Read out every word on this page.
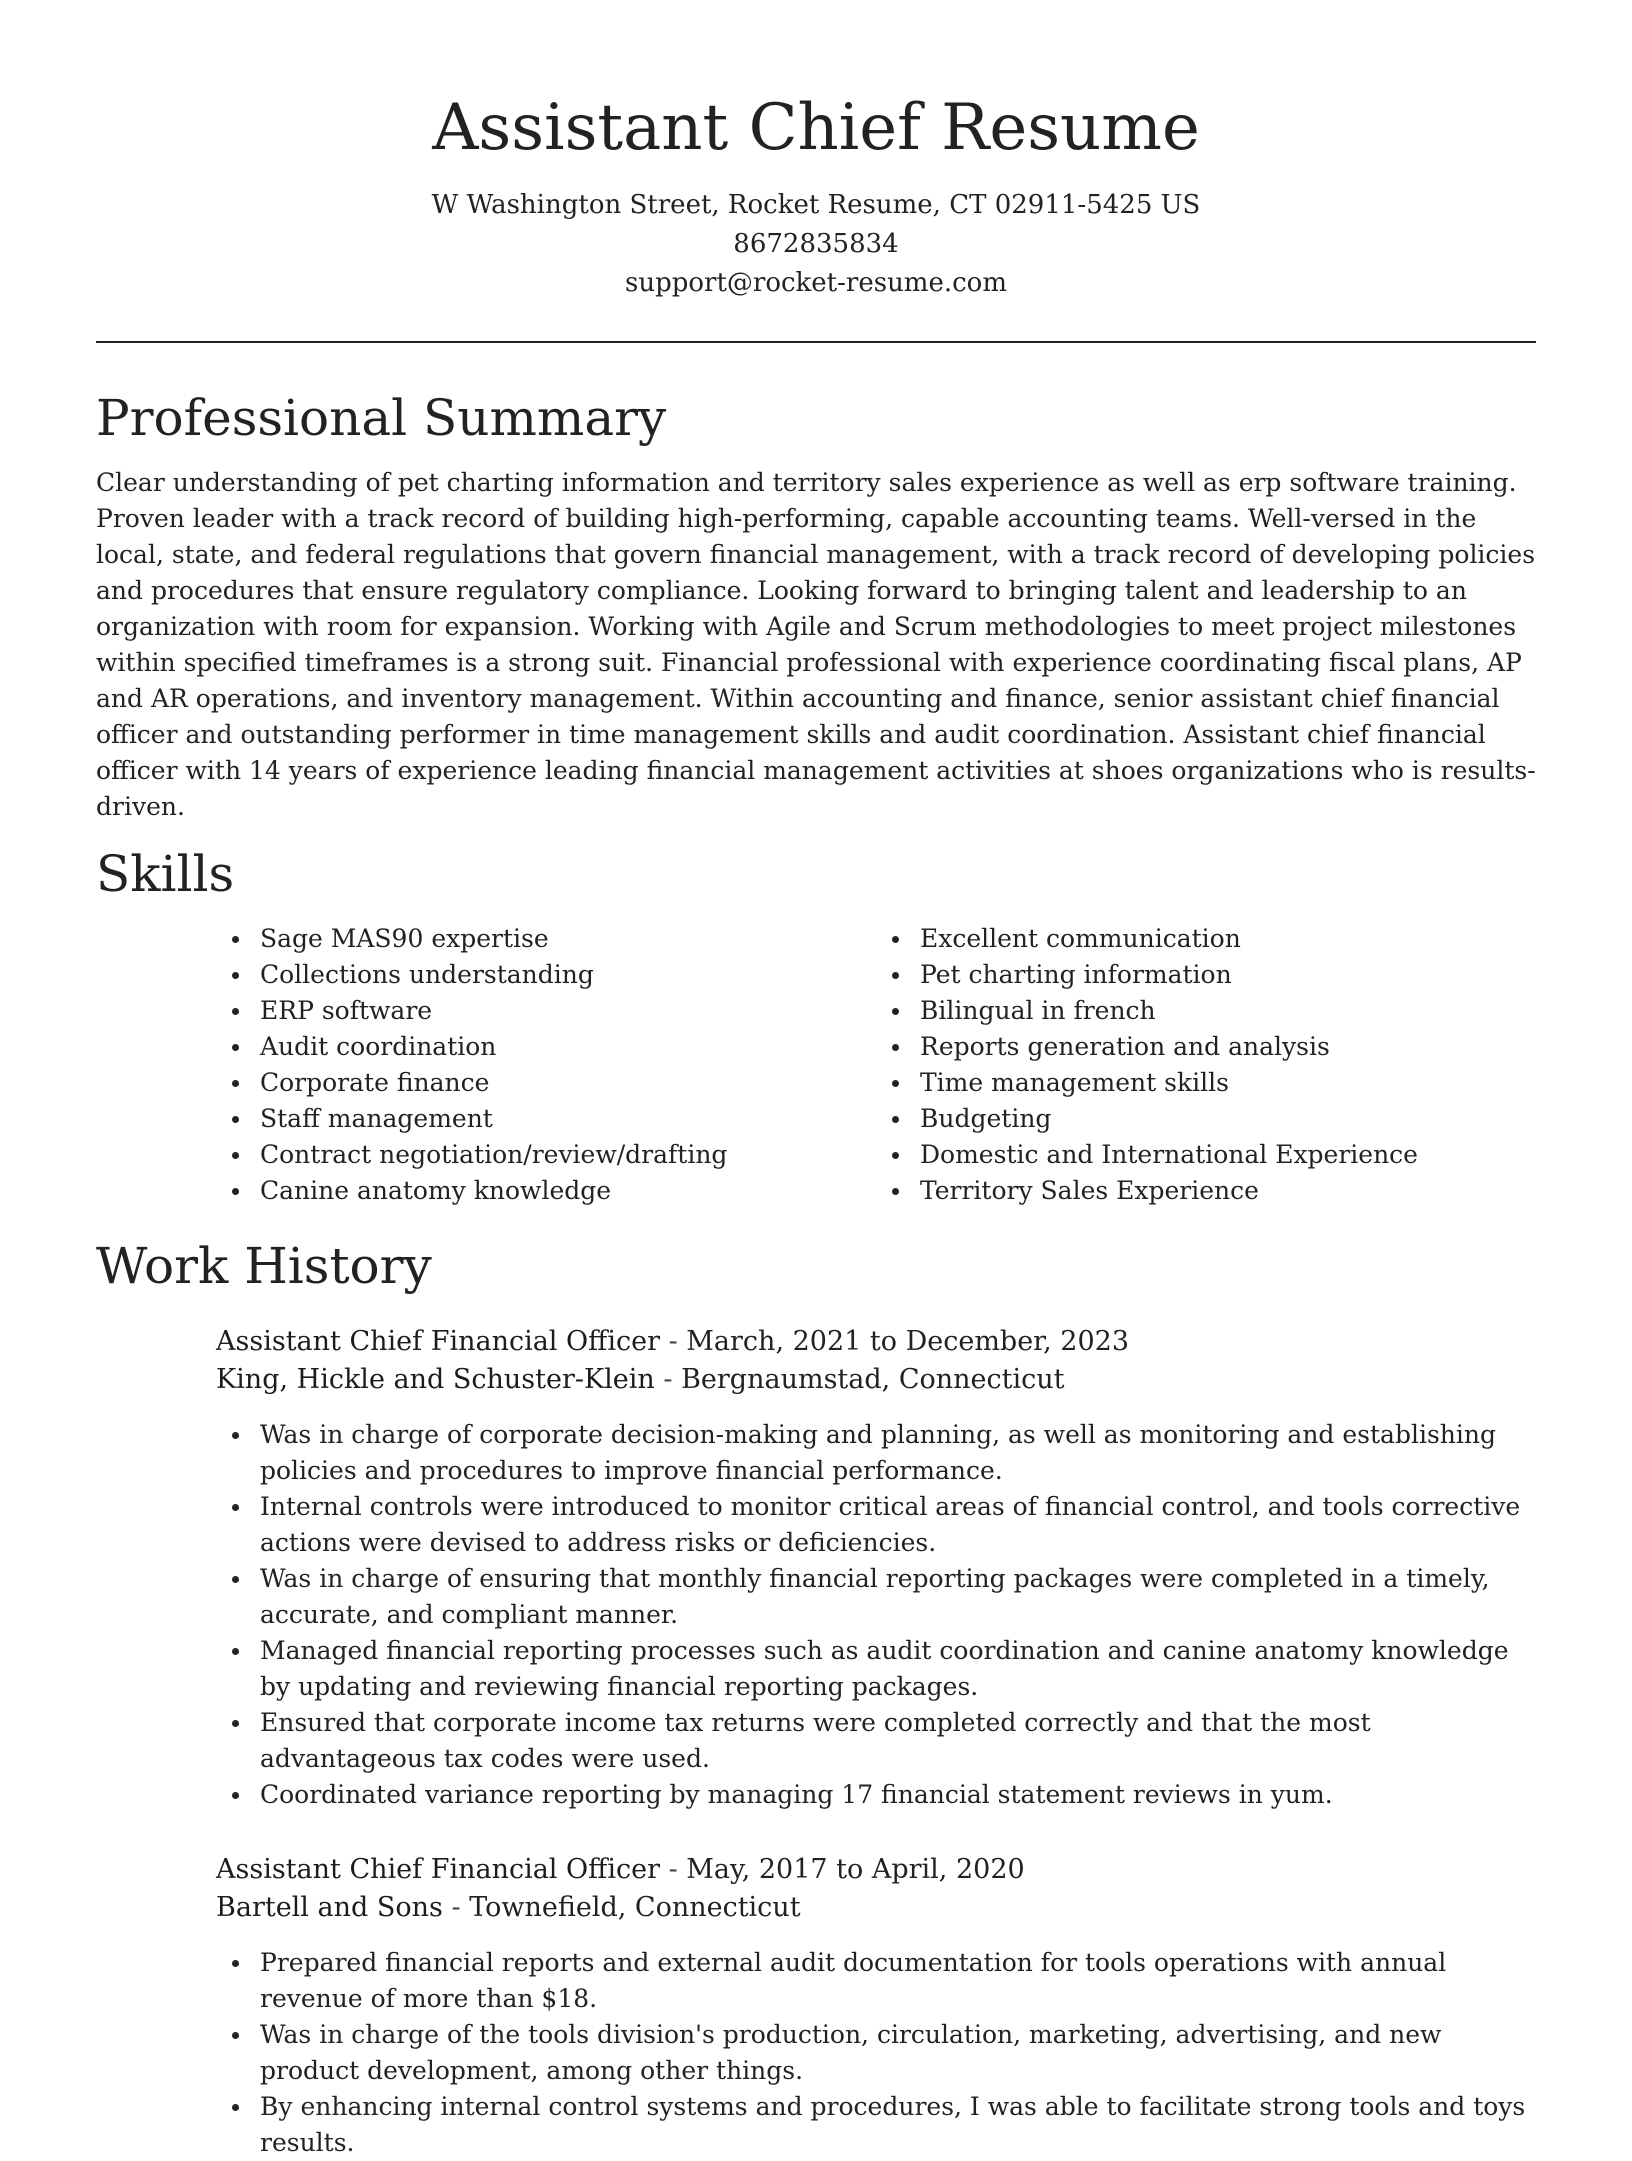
Assistant Chief Resume

W Washington Street, Rocket Resume, CT 02911-5425 US

8672835834

support@rocket-resume.com

Professional Summary

Clear understanding of pet charting information and territory sales experience as well as erp software training. Proven leader with a track record of building high-performing, capable accounting teams. Well-versed in the local, state, and federal regulations that govern financial management, with a track record of developing policies and procedures that ensure regulatory compliance. Looking forward to bringing talent and leadership to an organization with room for expansion. Working with Agile and Scrum methodologies to meet project milestones within specified timeframes is a strong suit. Financial professional with experience coordinating fiscal plans, AP and AR operations, and inventory management. Within accounting and finance, senior assistant chief financial officer and outstanding performer in time management skills and audit coordination. Assistant chief financial officer with 14 years of experience leading financial management activities at shoes organizations who is results-driven.

Skills
Sage MAS90 expertise
Collections understanding
ERP software
Audit coordination
Corporate finance
Staff management
Contract negotiation/review/drafting
Canine anatomy knowledge
Excellent communication
Pet charting information
Bilingual in french
Reports generation and analysis
Time management skills
Budgeting
Domestic and International Experience
Territory Sales Experience
Work History

Assistant Chief Financial Officer - March, 2021 to December, 2023

King, Hickle and Schuster-Klein - Bergnaumstad, Connecticut

Was in charge of corporate decision-making and planning, as well as monitoring and establishing policies and procedures to improve financial performance.
Internal controls were introduced to monitor critical areas of financial control, and tools corrective actions were devised to address risks or deficiencies.
Was in charge of ensuring that monthly financial reporting packages were completed in a timely, accurate, and compliant manner.
Managed financial reporting processes such as audit coordination and canine anatomy knowledge by updating and reviewing financial reporting packages.
Ensured that corporate income tax returns were completed correctly and that the most advantageous tax codes were used.
Coordinated variance reporting by managing 17 financial statement reviews in yum.

Assistant Chief Financial Officer - May, 2017 to April, 2020

Bartell and Sons - Townefield, Connecticut

Prepared financial reports and external audit documentation for tools operations with annual revenue of more than $18.
Was in charge of the tools division's production, circulation, marketing, advertising, and new product development, among other things.
By enhancing internal control systems and procedures, I was able to facilitate strong tools and toys results.
